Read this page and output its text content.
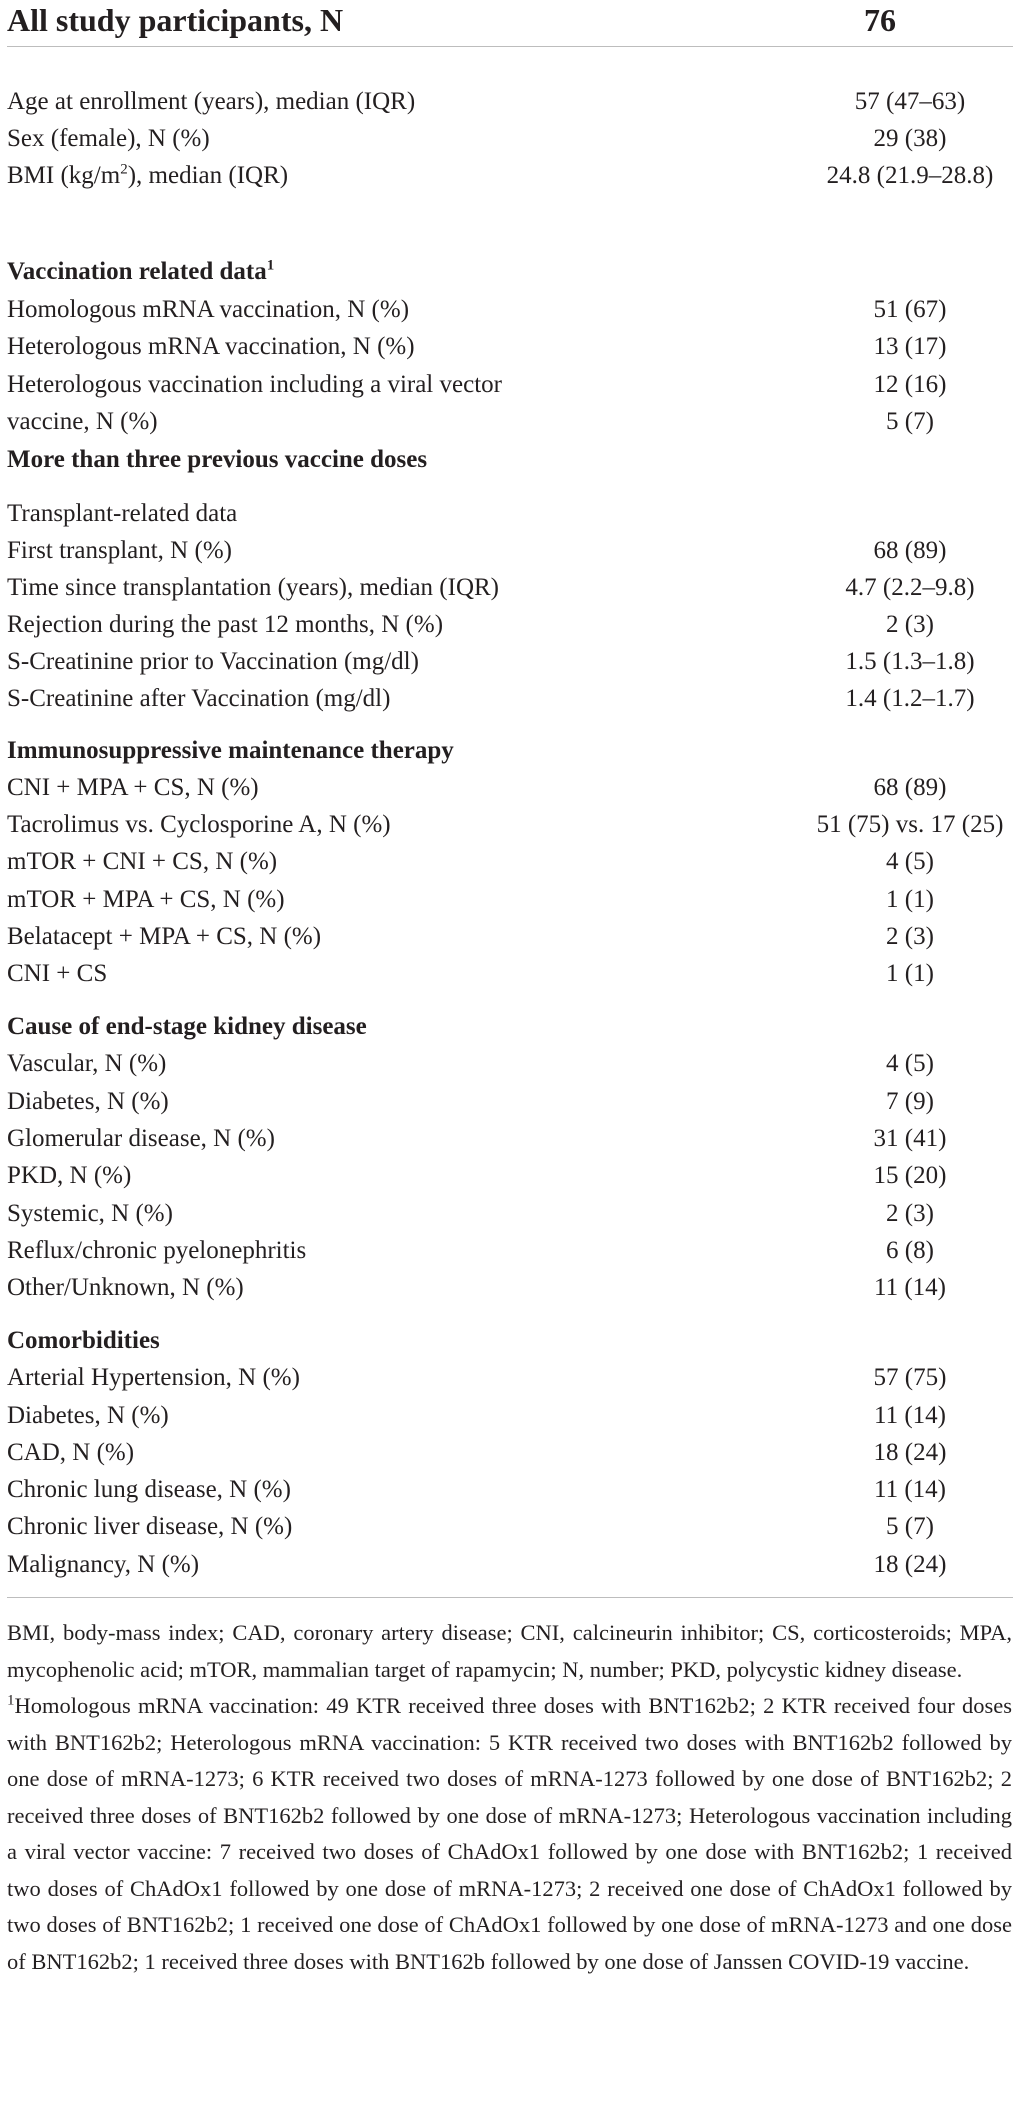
All study participants, N	76
Age at enrollment (years), median (IQR)	57 (47–63)
Sex (female), N (%)	29 (38)
BMI $(kg/m^2)$, median (IQR)	24.8 (21.9–28.8)
Vaccination related data$^1$
Homologous mRNA vaccination, N (%)	51 (67)
Heterologous mRNA vaccination, N (%)	13 (17)
Heterologous vaccination including a viral vector	12 (16)
vaccine, N (%)	5 (7)
More than three previous vaccine doses
Transplant-related data
First transplant, N (%)	68 (89)
Time since transplantation (years), median (IQR)	4.7 (2.2–9.8)
Rejection during the past 12 months, N (%)	2 (3)
S-Creatinine prior to Vaccination (mg/dl)	1.5 (1.3–1.8)
S-Creatinine after Vaccination (mg/dl)	1.4 (1.2–1.7)
Immunosuppressive maintenance therapy
CNI + MPA + CS, N (%)	68 (89)
Tacrolimus vs. Cyclosporine A, N (%)	51 (75) vs. 17 (25)
mTOR + CNI + CS, N (%)	4 (5)
mTOR + MPA + CS, N (%)	1 (1)
Belatacept + MPA + CS, N (%)	2 (3)
CNI + CS	1 (1)
Cause of end-stage kidney disease
Vascular, N (%)	4 (5)
Diabetes, N (%)	7 (9)
Glomerular disease, N (%)	31 (41)
PKD, N (%)	15 (20)
Systemic, N (%)	2 (3)
Reflux/chronic pyelonephritis	6 (8)
Other/Unknown, N (%)	11 (14)
Comorbidities
Arterial Hypertension, N (%)	57 (75)
Diabetes, N (%)	11 (14)
CAD, N (%)	18 (24)
Chronic lung disease, N (%)	11 (14)
Chronic liver disease, N (%)	5 (7)
Malignancy, N (%)	18 (24)

BMI, body-mass index; CAD, coronary artery disease; CNI, calcineurin inhibitor; CS, corticosteroids; MPA, mycophenolic acid; mTOR, mammalian target of rapamycin; N, number; PKD, polycystic kidney disease.

$^1$Homologous mRNA vaccination: 49 KTR received three doses with BNT162b2; 2 KTR received four doses with BNT162b2; Heterologous mRNA vaccination: 5 KTR received two doses with BNT162b2 followed by one dose of mRNA-1273; 6 KTR received two doses of mRNA-1273 followed by one dose of BNT162b2; 2 received three doses of BNT162b2 followed by one dose of mRNA-1273; Heterologous vaccination including a viral vector vaccine: 7 received two doses of ChAdOx1 followed by one dose with BNT162b2; 1 received two doses of ChAdOx1 followed by one dose of mRNA-1273; 2 received one dose of ChAdOx1 followed by two doses of BNT162b2; 1 received one dose of ChAdOx1 followed by one dose of mRNA-1273 and one dose of BNT162b2; 1 received three doses with BNT162b followed by one dose of Janssen COVID-19 vaccine.
